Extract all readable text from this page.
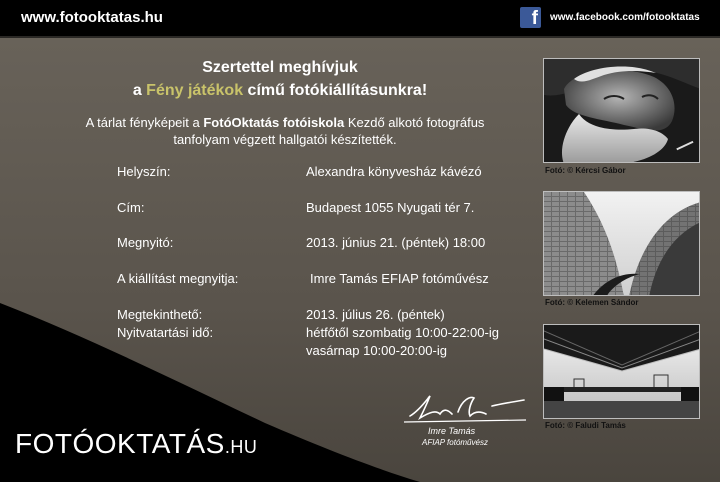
www.fotooktatas.hu	f www.facebook.com/fotooktatas
Szertettel meghívjuk
a Fény játékok című fotókiállításunkra!
A tárlat fényképeit a FotóOktatás fotóiskola Kezdő alkotó fotográfus
tanfolyam végzett hallgatói készítették.
Helyszín:	Alexandra könyvesház kávézó
Cím:	Budapest 1055 Nyugati tér 7.
Megnyitó:	2013. június 21. (péntek) 18:00
A kiállítást megnyitja:	Imre Tamás EFIAP fotóművész
Megtekinthető:	2013. július 26. (péntek)
Nyitvatartási idő:	hétfőtől szombatig 10:00-22:00-ig
vasárnap 10:00-20:00-ig
Fotó: © Kércsi Gábor
Fotó: © Kelemen Sándor
Fotó: © Faludi Tamás
Imre Tamás
AFIAP fotóművész
FOTÓOKTATÁS.HU
